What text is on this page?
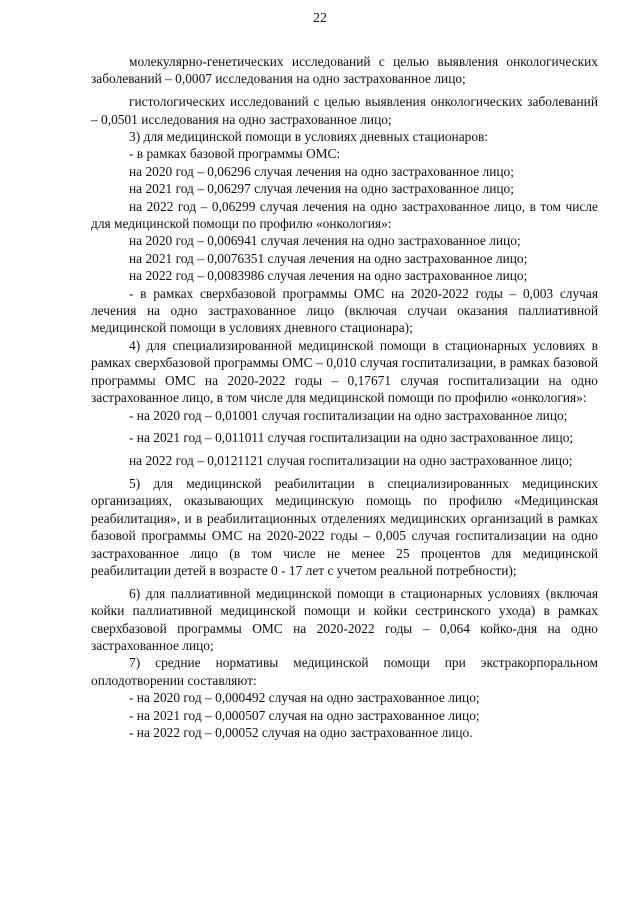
22

молекулярно-генетических исследований с целью выявления онкологических заболеваний – 0,0007 исследования на одно застрахованное лицо;

гистологических исследований с целью выявления онкологических заболеваний – 0,0501 исследования на одно застрахованное лицо;

3) для медицинской помощи в условиях дневных стационаров:

- в рамках базовой программы ОМС:

на 2020 год – 0,06296 случая лечения на одно застрахованное лицо;

на 2021 год – 0,06297 случая лечения на одно застрахованное лицо;

на 2022 год – 0,06299 случая лечения на одно застрахованное лицо, в том числе для медицинской помощи по профилю «онкология»:

на 2020 год – 0,006941 случая лечения на одно застрахованное лицо;

на 2021 год – 0,0076351 случая лечения на одно застрахованное лицо;

на 2022 год – 0,0083986 случая лечения на одно застрахованное лицо;

- в рамках сверхбазовой программы ОМС на 2020-2022 годы – 0,003 случая лечения на одно застрахованное лицо (включая случаи оказания паллиативной медицинской помощи в условиях дневного стационара);

4) для специализированной медицинской помощи в стационарных условиях в рамках сверхбазовой программы ОМС – 0,010 случая госпитализации, в рамках базовой программы ОМС на 2020-2022 годы – 0,17671 случая госпитализации на одно застрахованное лицо, в том числе для медицинской помощи по профилю «онкология»:

- на 2020 год – 0,01001 случая госпитализации на одно застрахованное лицо;

- на 2021 год – 0,011011 случая госпитализации на одно застрахованное лицо;

на 2022 год – 0,0121121 случая госпитализации на одно застрахованное лицо;

5) для медицинской реабилитации в специализированных медицинских организациях, оказывающих медицинскую помощь по профилю «Медицинская реабилитация», и в реабилитационных отделениях медицинских организаций в рамках базовой программы ОМС на 2020-2022 годы – 0,005 случая госпитализации на одно застрахованное лицо (в том числе не менее 25 процентов для медицинской реабилитации детей в возрасте 0 - 17 лет с учетом реальной потребности);

6) для паллиативной медицинской помощи в стационарных условиях (включая койки паллиативной медицинской помощи и койки сестринского ухода) в рамках сверхбазовой программы ОМС на 2020-2022 годы – 0,064 койко-дня на одно застрахованное лицо;

7) средние нормативы медицинской помощи при экстракорпоральном оплодотворении составляют:

- на 2020 год – 0,000492 случая на одно застрахованное лицо;

- на 2021 год – 0,000507 случая на одно застрахованное лицо;

- на 2022 год – 0,00052 случая на одно застрахованное лицо.
